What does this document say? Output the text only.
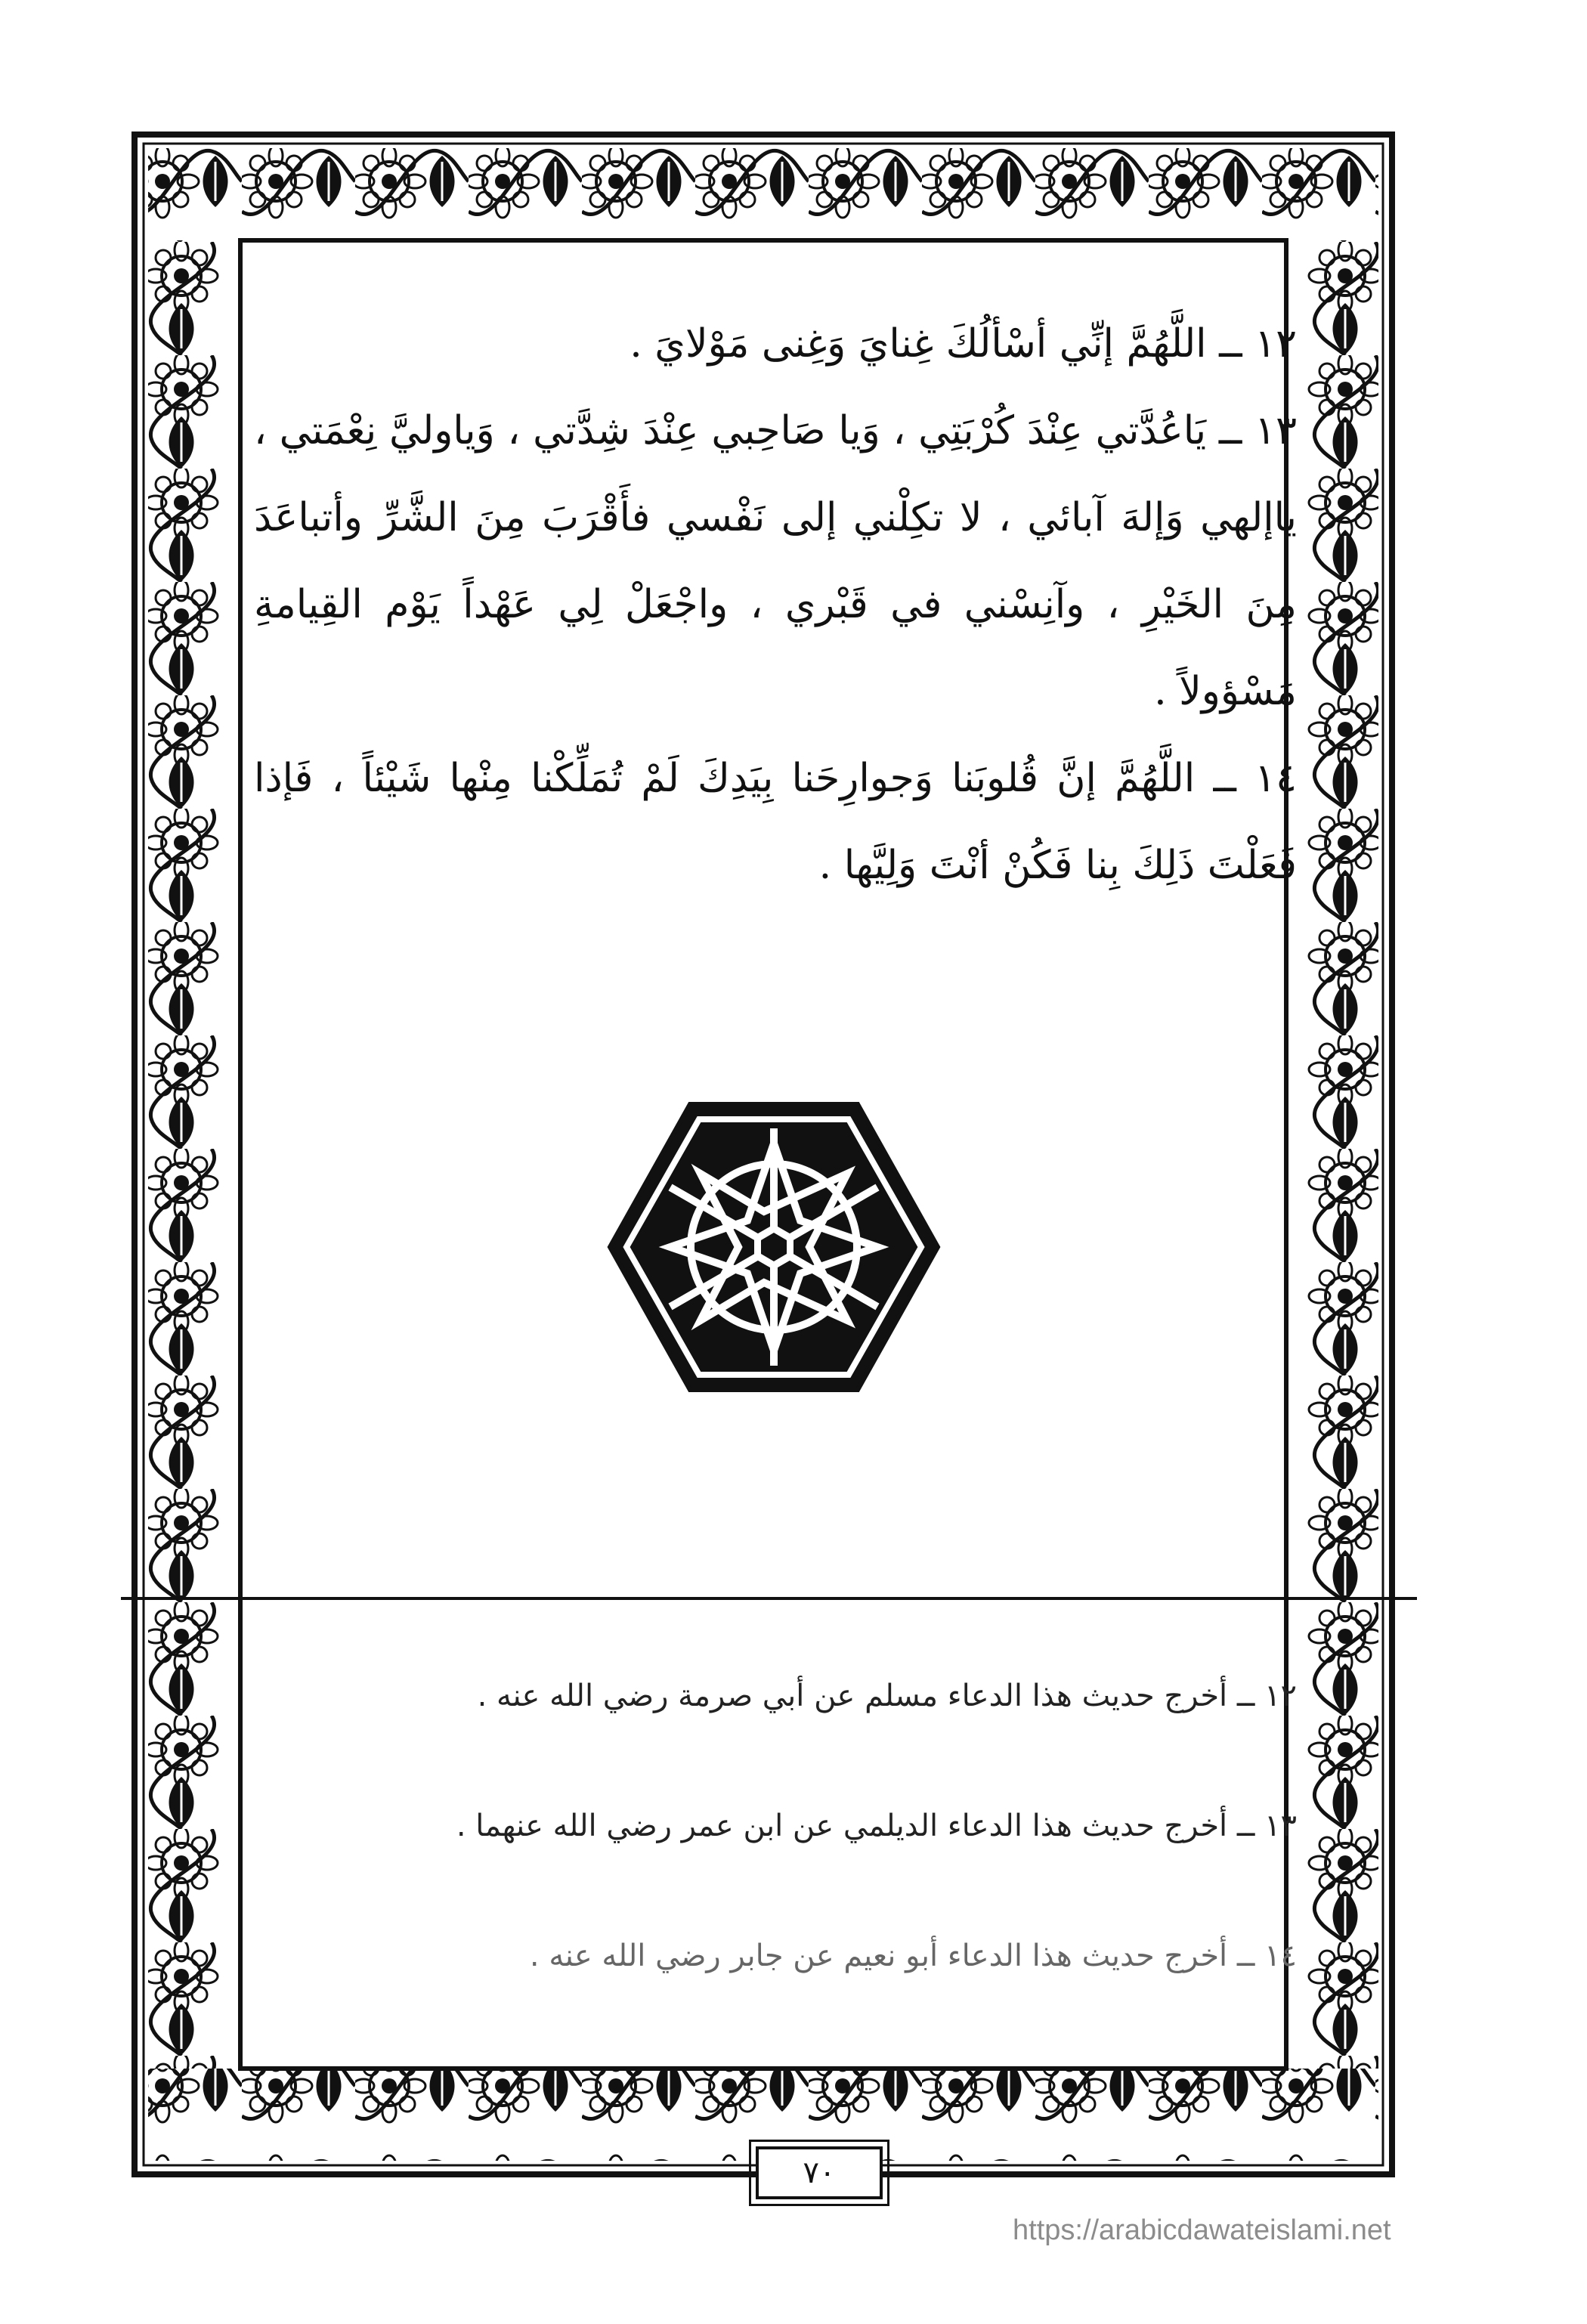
١٢ ــ اللَّهُمَّ إنِّي أسْألُكَ غِنايَ وَغِنى مَوْلايَ .

١٣ ــ يَاعُدَّتي عِنْدَ كُرْبَتِي ، وَيا صَاحِبي عِنْدَ شِدَّتي ، وَياوليَّ نِعْمَتي ، ياإلهي وَإلهَ آبائي ، لا تكِلْني إلى نَفْسي فأَقْرَبَ مِنَ الشَّرِّ وأتباعَدَ مِنَ الخَيْرِ ، وآنِسْني في قَبْري ، واجْعَلْ لِي عَهْداً يَوْم القِيامةِ مَسْؤولاً .

١٤ ــ اللَّهُمَّ إنَّ قُلوبَنا وَجوارِحَنا بِيَدِكَ لَمْ تُمَلِّكْنا مِنْها شَيْئاً ، فَإذا فَعَلْتَ ذَلِكَ بِنا فَكُنْ أنْتَ وَلِيَّها .

١٢ ــ أخرج حديث هذا الدعاء مسلم عن أبي صرمة رضي الله عنه .

١٣ ــ أخرج حديث هذا الدعاء الديلمي عن ابن عمر رضي الله عنهما .

١٤ ــ أخرج حديث هذا الدعاء أبو نعيم عن جابر رضي الله عنه .

٧٠
https://arabicdawateislami.net
